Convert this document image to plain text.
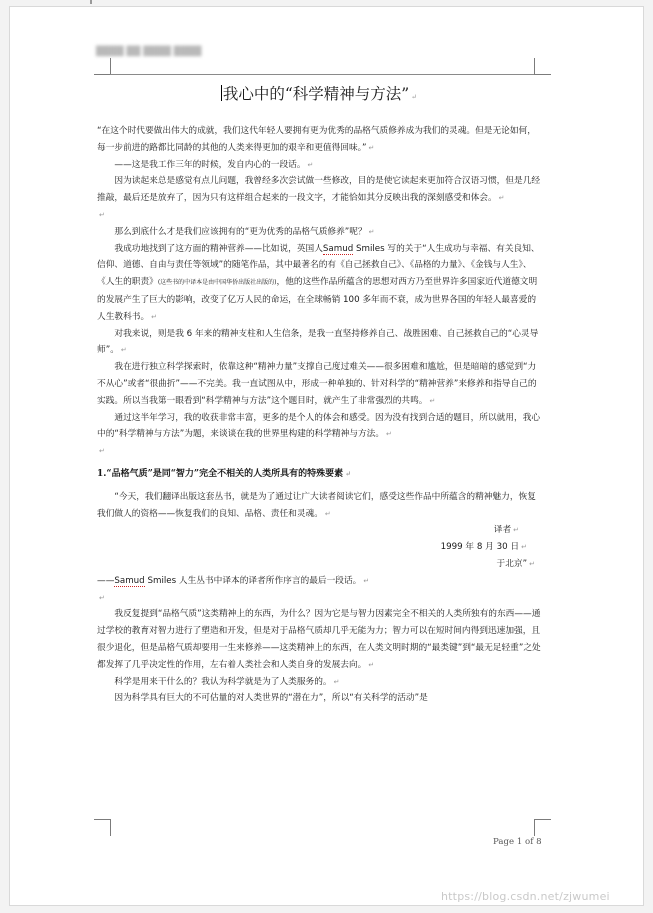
████ ██ ████ ████
我心中的“科学精神与方法” ↵

“在这个时代要做出伟大的成就，我们这代年轻人要拥有更为优秀的品格气质修养成为我们的灵魂。但是无论如何，每一步前进的路都比同龄的其他的人类来得更加的艰辛和更值得回味。” ↵

——这是我工作三年的时候，发自内心的一段话。 ↵

因为读起来总是感觉有点儿问题，我曾经多次尝试做一些修改，目的是使它读起来更加符合汉语习惯，但是几经推敲，最后还是放弃了，因为只有这样组合起来的一段文字，才能恰如其分反映出我的深刻感受和体会。 ↵

↵

那么到底什么才是我们应该拥有的“更为优秀的品格气质修养”呢？ ↵

我成功地找到了这方面的精神营养——比如说，英国人Samud Smiles 写的关于“人生成功与幸福、有关良知、信仰、道德、自由与责任等领域”的随笔作品，其中最著名的有《自己拯救自己》、《品格的力量》、《金钱与人生》、《人生的职责》(这些书的中译本是由中国华侨出版社出版的)，他的这些作品所蕴含的思想对西方乃至世界许多国家近代道德文明的发展产生了巨大的影响，改变了亿万人民的命运，在全球畅销 100 多年而不衰，成为世界各国的年轻人最喜爱的人生教科书。 ↵

对我来说，则是我 6 年来的精神支柱和人生信条，是我一直坚持修养自己、战胜困难、自己拯救自己的“心灵导师”。 ↵

我在进行独立科学探索时，依靠这种“精神力量”支撑自己度过难关——很多困难和尴尬，但是暗暗的感觉到“力不从心”或者“很曲折”——不完美。我一直试图从中，形成一种单独的、针对科学的“精神营养”来修养和指导自己的实践。所以当我第一眼看到“科学精神与方法”这个题目时，就产生了非常强烈的共鸣。 ↵

通过这半年学习，我的收获非常丰富，更多的是个人的体会和感受。因为没有找到合适的题目，所以就用，我心中的“科学精神与方法”为题，来谈谈在我的世界里构建的科学精神与方法。 ↵

↵

1.“品格气质”是同“智力”完全不相关的人类所具有的特殊要素 ↵

“今天，我们翻译出版这套丛书，就是为了通过让广大读者阅读它们，感受这些作品中所蕴含的精神魅力，恢复我们做人的资格——恢复我们的良知、品格、责任和灵魂。 ↵

译者 ↵

1999 年 8 月 30 日 ↵

于北京” ↵

——Samud Smiles 人生丛书中译本的译者所作序言的最后一段话。 ↵

↵

我反复提到“品格气质”这类精神上的东西，为什么？因为它是与智力因素完全不相关的人类所独有的东西——通过学校的教育对智力进行了塑造和开发，但是对于品格气质却几乎无能为力；智力可以在短时间内得到迅速加强，且很少退化，但是品格气质却要用一生来修养——这类精神上的东西，在人类文明时期的“最类键”到“最无足轻重”之处都发挥了几乎决定性的作用，左右着人类社会和人类自身的发展去向。 ↵

科学是用来干什么的？我认为科学就是为了人类服务的。 ↵

因为科学具有巨大的不可估量的对人类世界的“潜在力”，所以“有关科学的活动”是

Page 1 of 8
https://blog.csdn.net/zjwumei
